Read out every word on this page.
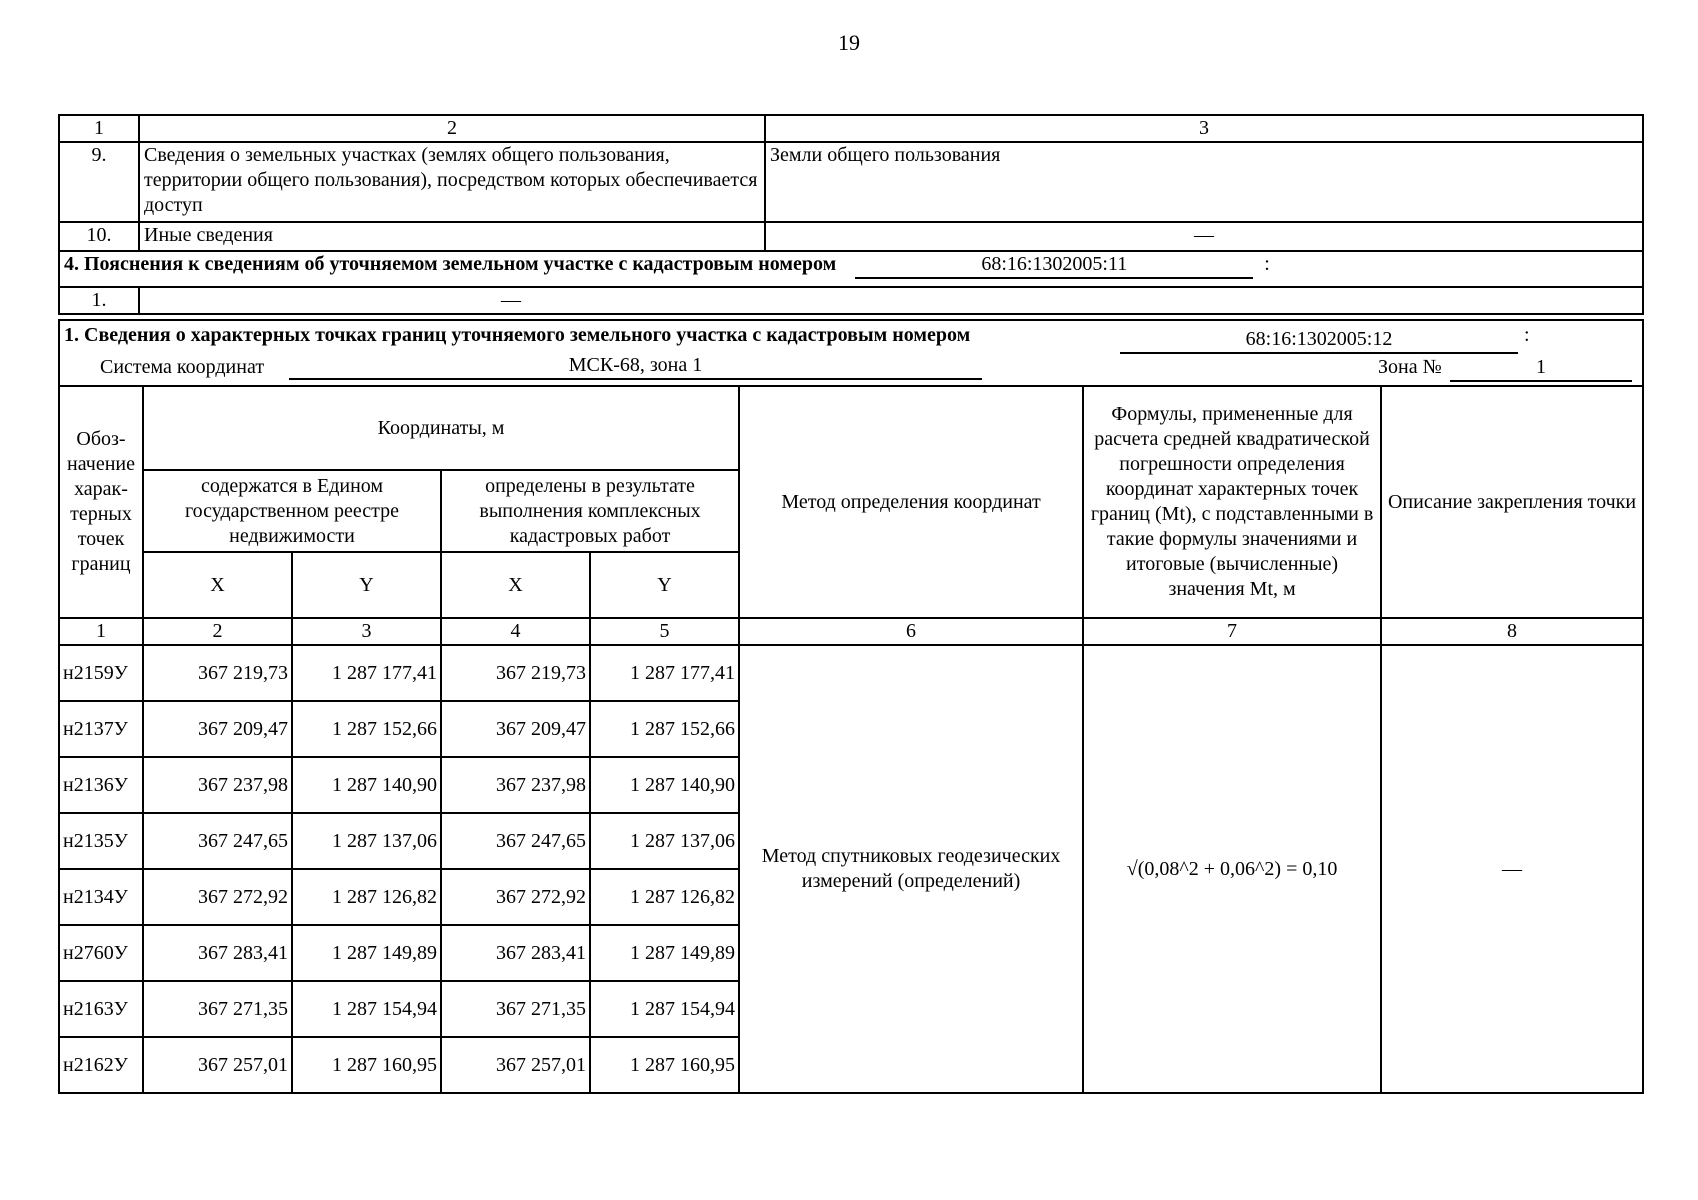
19
1	2	3
9.	Сведения о земельных участках (землях общего пользования, территории общего пользования), посредством которых обеспечивается доступ	Земли общего пользования
10.	Иные сведения	—
4. Пояснения к сведениям об уточняемом земельном участке с кадастровым номером 68:16:1302005:11 :		
1.	—	
1. Сведения о характерных точках границ уточняемого земельного участка с кадастровым номером	68:16:1302005:12	:
Система координат	МСК-68, зона 1	Зона №	1
Обоз-начение харак-терных точек границ	Координаты, м				Метод определения координат	Формулы, примененные для расчета средней квадратической погрешности определения координат характерных точек границ (Mt), с подставленными в такие формулы значениями и итоговые (вычисленные) значения Mt, м	Описание закрепления точки
	содержатся в Едином государственном реестре недвижимости		определены в результате выполнения комплексных кадастровых работ				
	X	Y	X	Y			
1	2	3	4	5	6	7	8
н2159У	367 219,73	1 287 177,41	367 219,73	1 287 177,41	Метод спутниковых геодезических измерений (определений)	√(0,08^2 + 0,06^2) = 0,10	—
н2137У	367 209,47	1 287 152,66	367 209,47	1 287 152,66			
н2136У	367 237,98	1 287 140,90	367 237,98	1 287 140,90			
н2135У	367 247,65	1 287 137,06	367 247,65	1 287 137,06			
н2134У	367 272,92	1 287 126,82	367 272,92	1 287 126,82			
н2760У	367 283,41	1 287 149,89	367 283,41	1 287 149,89			
н2163У	367 271,35	1 287 154,94	367 271,35	1 287 154,94			
н2162У	367 257,01	1 287 160,95	367 257,01	1 287 160,95			
